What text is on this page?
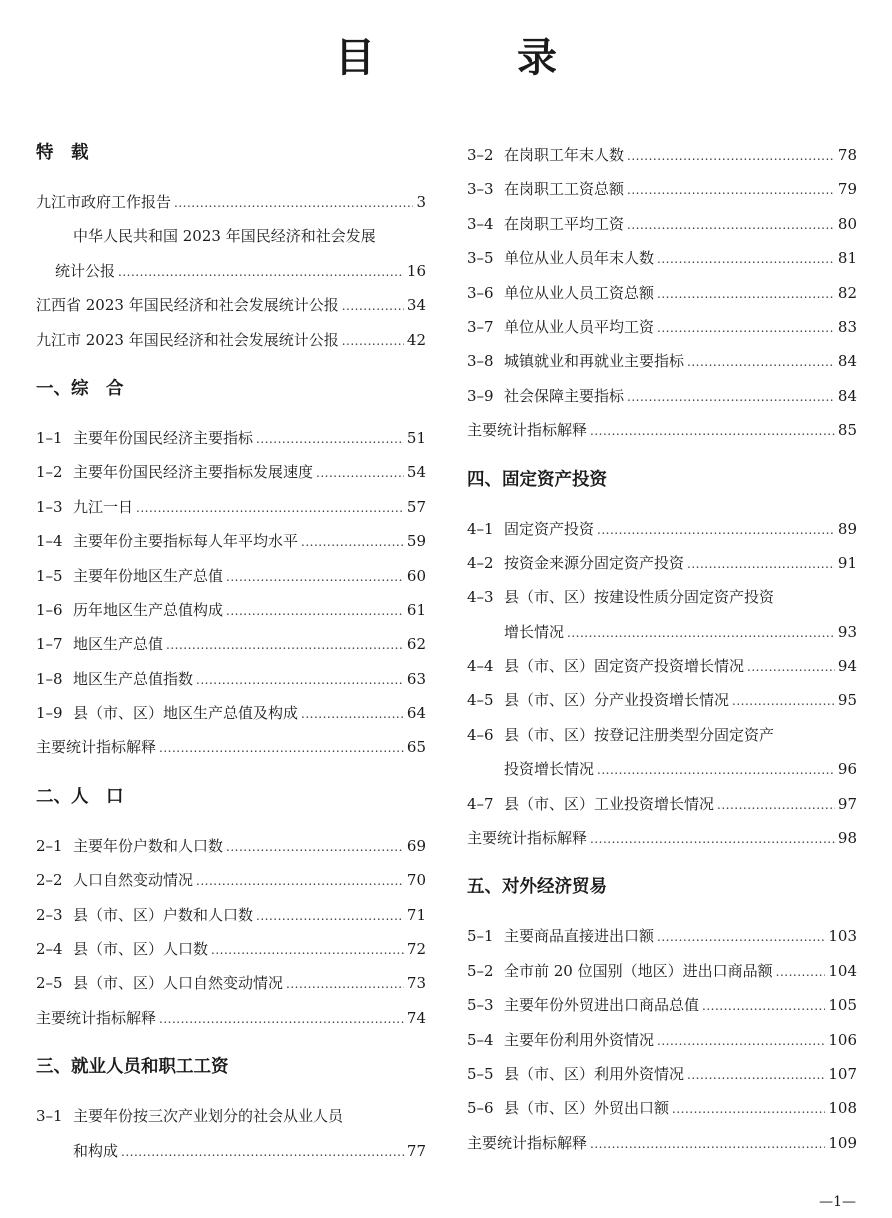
目 录
特　载
九江市政府工作报告 .....	3
中华人民共和国 2023 年国民经济和社会发展
统计公报 .....	16
江西省 2023 年国民经济和社会发展统计公报 .....	34
九江市 2023 年国民经济和社会发展统计公报 .....	42
一、综　合
1–1 主要年份国民经济主要指标 .....	51
1–2 主要年份国民经济主要指标发展速度 .....	54
1–3 九江一日 .....	57
1–4 主要年份主要指标每人年平均水平 .....	59
1–5 主要年份地区生产总值 .....	60
1–6 历年地区生产总值构成 .....	61
1–7 地区生产总值 .....	62
1–8 地区生产总值指数 .....	63
1–9 县（市、区）地区生产总值及构成 .....	64
主要统计指标解释 .....	65
二、人　口
2–1 主要年份户数和人口数 .....	69
2–2 人口自然变动情况 .....	70
2–3 县（市、区）户数和人口数 .....	71
2–4 县（市、区）人口数 .....	72
2–5 县（市、区）人口自然变动情况 .....	73
主要统计指标解释 .....	74
三、就业人员和职工工资
3–1 主要年份按三次产业划分的社会从业人员
和构成 .....	77
3–2 在岗职工年末人数 .....	78
3–3 在岗职工工资总额 .....	79
3–4 在岗职工平均工资 .....	80
3–5 单位从业人员年末人数 .....	81
3–6 单位从业人员工资总额 .....	82
3–7 单位从业人员平均工资 .....	83
3–8 城镇就业和再就业主要指标 .....	84
3–9 社会保障主要指标 .....	84
主要统计指标解释 .....	85
四、固定资产投资
4–1 固定资产投资 .....	89
4–2 按资金来源分固定资产投资 .....	91
4–3 县（市、区）按建设性质分固定资产投资
增长情况 .....	93
4–4 县（市、区）固定资产投资增长情况 .....	94
4–5 县（市、区）分产业投资增长情况 .....	95
4–6 县（市、区）按登记注册类型分固定资产
投资增长情况 .....	96
4–7 县（市、区）工业投资增长情况 .....	97
主要统计指标解释 .....	98
五、对外经济贸易
5–1 主要商品直接进出口额 .....	103
5–2 全市前 20 位国别（地区）进出口商品额 .....	104
5–3 主要年份外贸进出口商品总值 .....	105
5–4 主要年份利用外资情况 .....	106
5–5 县（市、区）利用外资情况 .....	107
5–6 县（市、区）外贸出口额 .....	108
主要统计指标解释 .....	109
—1—
